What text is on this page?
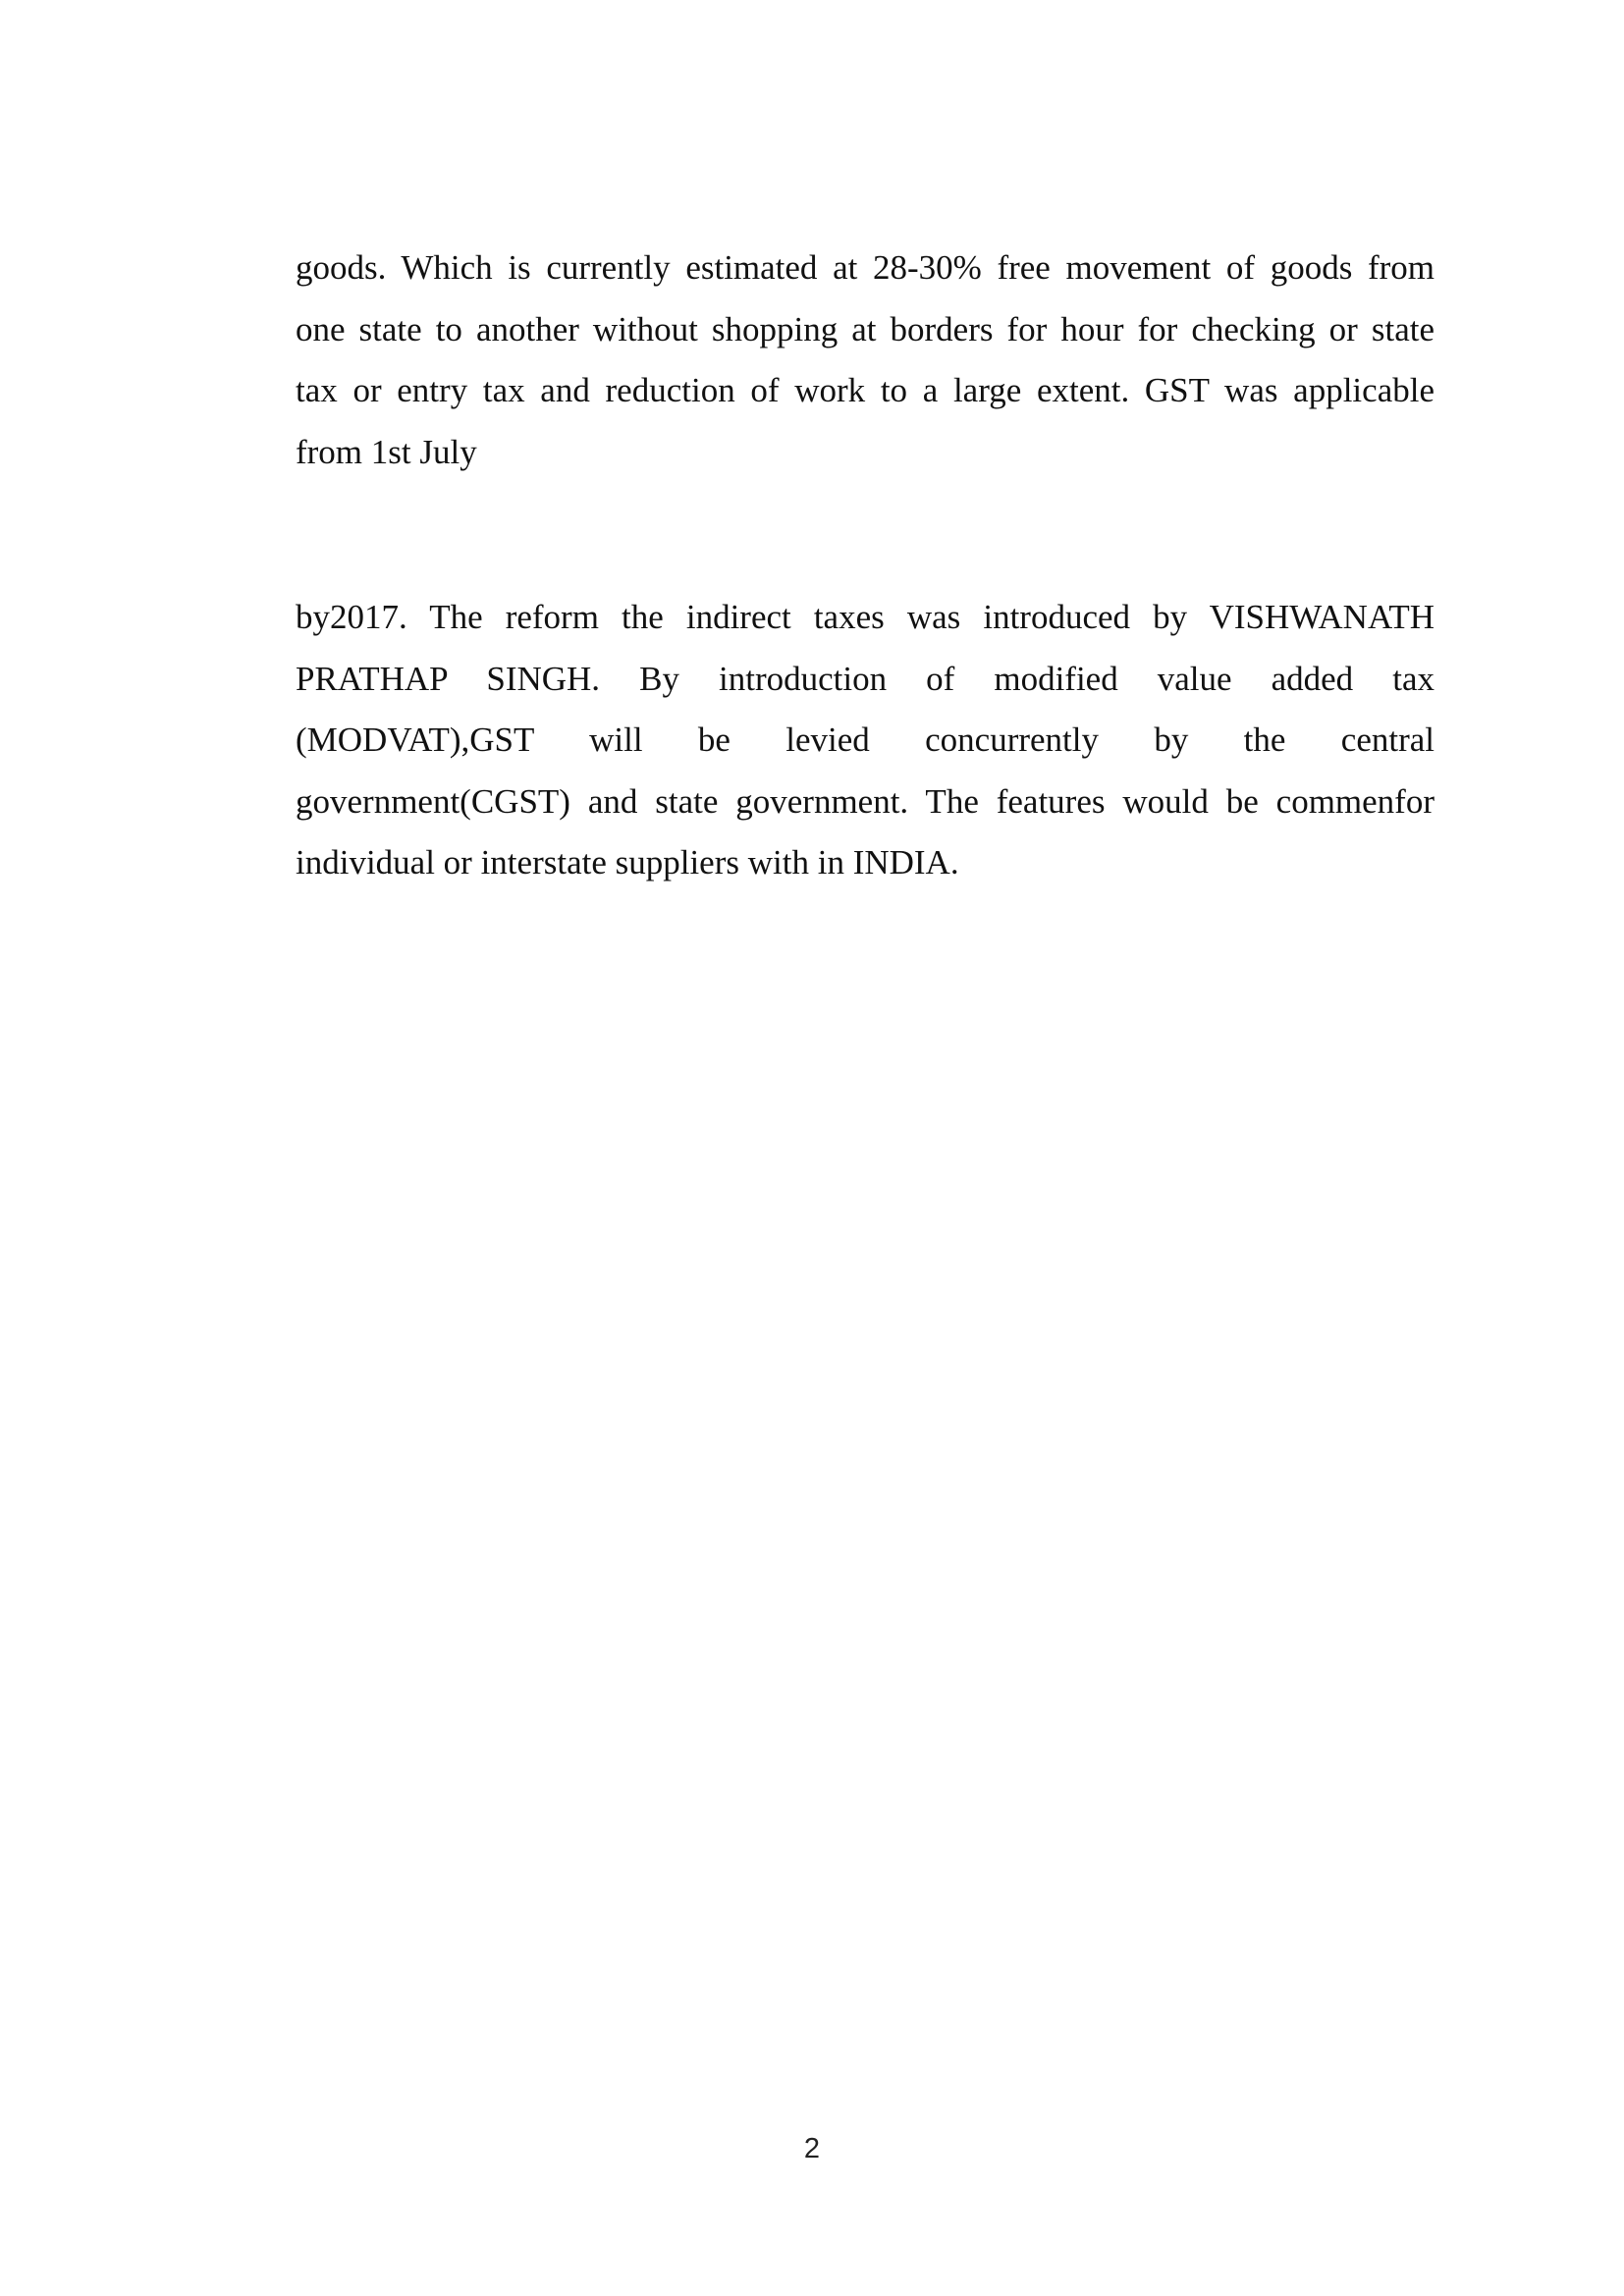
goods. Which is currently estimated at 28-30% free movement of goods from
one state to another without shopping at borders for hour for checking or state
tax or entry tax and reduction of work to a large extent. GST was applicable
from 1st July

by2017. The reform the indirect taxes was introduced by VISHWANATH
PRATHAP SINGH. By introduction of modified value added tax
(MODVAT),GST will be levied concurrently by the central
government(CGST) and state government. The features would be commenfor
individual or interstate suppliers with in INDIA.

2
